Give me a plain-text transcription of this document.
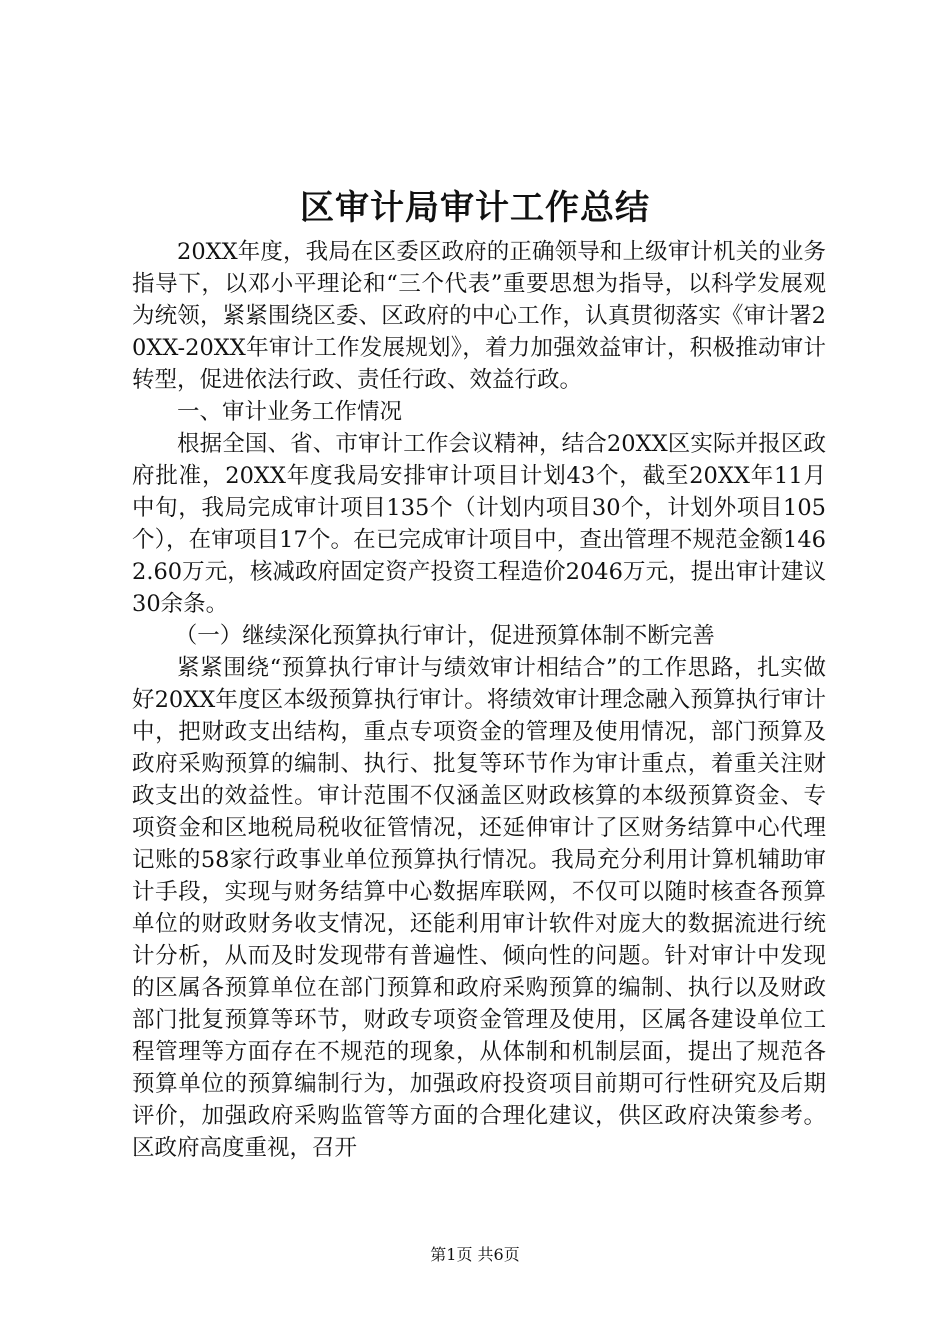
区审计局审计工作总结

20XX年度，我局在区委区政府的正确领导和上级审计机关的业务指导下，以邓小平理论和“三个代表”重要思想为指导，以科学发展观为统领，紧紧围绕区委、区政府的中心工作，认真贯彻落实《审计署20XX-20XX年审计工作发展规划》，着力加强效益审计，积极推动审计转型，促进依法行政、责任行政、效益行政。

一、审计业务工作情况

根据全国、省、市审计工作会议精神，结合20XX区实际并报区政府批准，20XX年度我局安排审计项目计划43个，截至20XX年11月中旬，我局完成审计项目135个（计划内项目30个，计划外项目105个），在审项目17个。在已完成审计项目中，查出管理不规范金额1462.60万元，核减政府固定资产投资工程造价2046万元，提出审计建议30余条。

（一）继续深化预算执行审计，促进预算体制不断完善

紧紧围绕“预算执行审计与绩效审计相结合”的工作思路，扎实做好20XX年度区本级预算执行审计。将绩效审计理念融入预算执行审计中，把财政支出结构，重点专项资金的管理及使用情况，部门预算及政府采购预算的编制、执行、批复等环节作为审计重点，着重关注财政支出的效益性。审计范围不仅涵盖区财政核算的本级预算资金、专项资金和区地税局税收征管情况，还延伸审计了区财务结算中心代理记账的58家行政事业单位预算执行情况。我局充分利用计算机辅助审计手段，实现与财务结算中心数据库联网，不仅可以随时核查各预算单位的财政财务收支情况，还能利用审计软件对庞大的数据流进行统计分析，从而及时发现带有普遍性、倾向性的问题。针对审计中发现的区属各预算单位在部门预算和政府采购预算的编制、执行以及财政部门批复预算等环节，财政专项资金管理及使用，区属各建设单位工程管理等方面存在不规范的现象，从体制和机制层面，提出了规范各预算单位的预算编制行为，加强政府投资项目前期可行性研究及后期评价，加强政府采购监管等方面的合理化建议，供区政府决策参考。区政府高度重视，召开

第1页 共6页
